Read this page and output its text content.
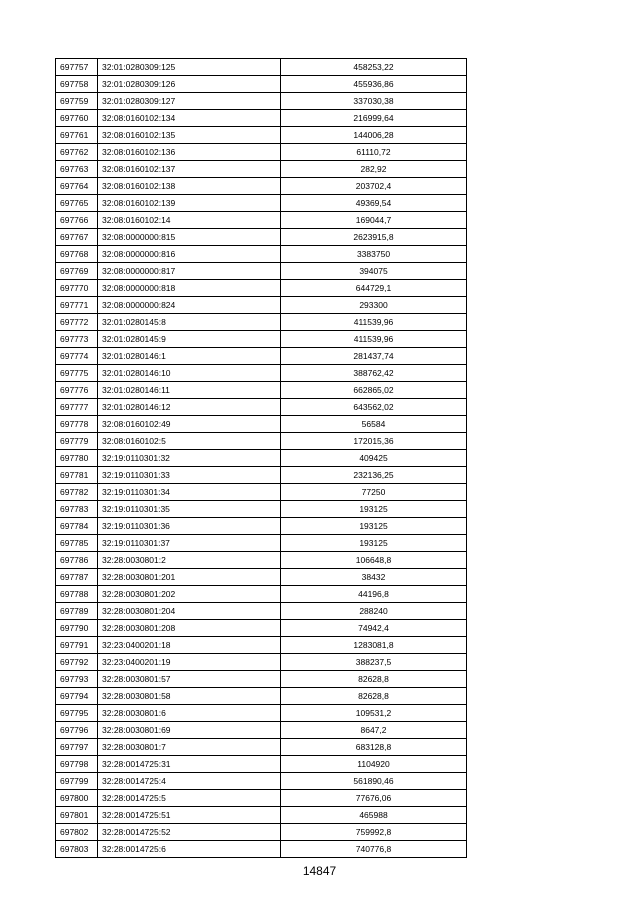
697757	32:01:0280309:125	458253,22
697758	32:01:0280309:126	455936,86
697759	32:01:0280309:127	337030,38
697760	32:08:0160102:134	216999,64
697761	32:08:0160102:135	144006,28
697762	32:08:0160102:136	61110,72
697763	32:08:0160102:137	282,92
697764	32:08:0160102:138	203702,4
697765	32:08:0160102:139	49369,54
697766	32:08:0160102:14	169044,7
697767	32:08:0000000:815	2623915,8
697768	32:08:0000000:816	3383750
697769	32:08:0000000:817	394075
697770	32:08:0000000:818	644729,1
697771	32:08:0000000:824	293300
697772	32:01:0280145:8	411539,96
697773	32:01:0280145:9	411539,96
697774	32:01:0280146:1	281437,74
697775	32:01:0280146:10	388762,42
697776	32:01:0280146:11	662865,02
697777	32:01:0280146:12	643562,02
697778	32:08:0160102:49	56584
697779	32:08:0160102:5	172015,36
697780	32:19:0110301:32	409425
697781	32:19:0110301:33	232136,25
697782	32:19:0110301:34	77250
697783	32:19:0110301:35	193125
697784	32:19:0110301:36	193125
697785	32:19:0110301:37	193125
697786	32:28:0030801:2	106648,8
697787	32:28:0030801:201	38432
697788	32:28:0030801:202	44196,8
697789	32:28:0030801:204	288240
697790	32:28:0030801:208	74942,4
697791	32:23:0400201:18	1283081,8
697792	32:23:0400201:19	388237,5
697793	32:28:0030801:57	82628,8
697794	32:28:0030801:58	82628,8
697795	32:28:0030801:6	109531,2
697796	32:28:0030801:69	8647,2
697797	32:28:0030801:7	683128,8
697798	32:28:0014725:31	1104920
697799	32:28:0014725:4	561890,46
697800	32:28:0014725:5	77676,06
697801	32:28:0014725:51	465988
697802	32:28:0014725:52	759992,8
697803	32:28:0014725:6	740776,8
14847
